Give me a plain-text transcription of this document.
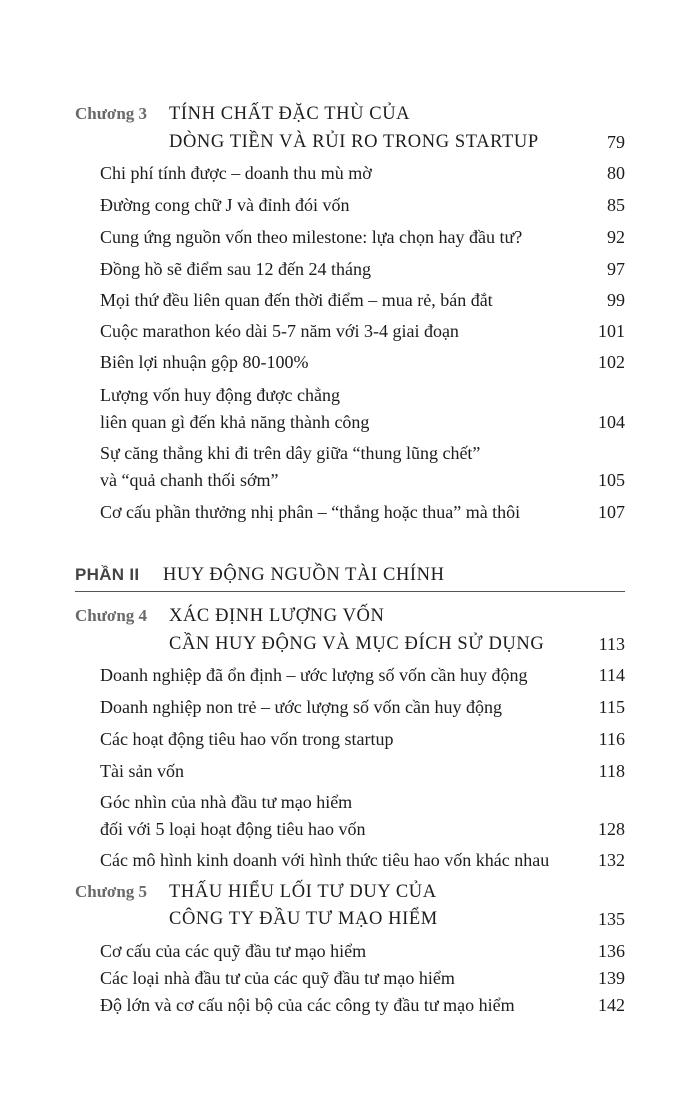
Chương 3 TÍNH CHẤT ĐẶC THÙ CỦA
DÒNG TIỀN VÀ RỦI RO TRONG STARTUP	79
Chi phí tính được – doanh thu mù mờ	80
Đường cong chữ J và đỉnh đói vốn	85
Cung ứng nguồn vốn theo milestone: lựa chọn hay đầu tư?	92
Đồng hồ sẽ điểm sau 12 đến 24 tháng	97
Mọi thứ đều liên quan đến thời điểm – mua rẻ, bán đắt	99
Cuộc marathon kéo dài 5-7 năm với 3-4 giai đoạn	101
Biên lợi nhuận gộp 80-100%	102
Lượng vốn huy động được chẳng
liên quan gì đến khả năng thành công	104
Sự căng thẳng khi đi trên dây giữa “thung lũng chết”
và “quả chanh thối sớm”	105
Cơ cấu phần thưởng nhị phân – “thắng hoặc thua” mà thôi	107
PHẦN II HUY ĐỘNG NGUỒN TÀI CHÍNH
Chương 4 XÁC ĐỊNH LƯỢNG VỐN
CẦN HUY ĐỘNG VÀ MỤC ĐÍCH SỬ DỤNG	113
Doanh nghiệp đã ổn định – ước lượng số vốn cần huy động	114
Doanh nghiệp non trẻ – ước lượng số vốn cần huy động	115
Các hoạt động tiêu hao vốn trong startup	116
Tài sản vốn	118
Góc nhìn của nhà đầu tư mạo hiểm
đối với 5 loại hoạt động tiêu hao vốn	128
Các mô hình kinh doanh với hình thức tiêu hao vốn khác nhau	132
Chương 5 THẤU HIỂU LỐI TƯ DUY CỦA
CÔNG TY ĐẦU TƯ MẠO HIỂM	135
Cơ cấu của các quỹ đầu tư mạo hiểm	136
Các loại nhà đầu tư của các quỹ đầu tư mạo hiểm	139
Độ lớn và cơ cấu nội bộ của các công ty đầu tư mạo hiểm	142
